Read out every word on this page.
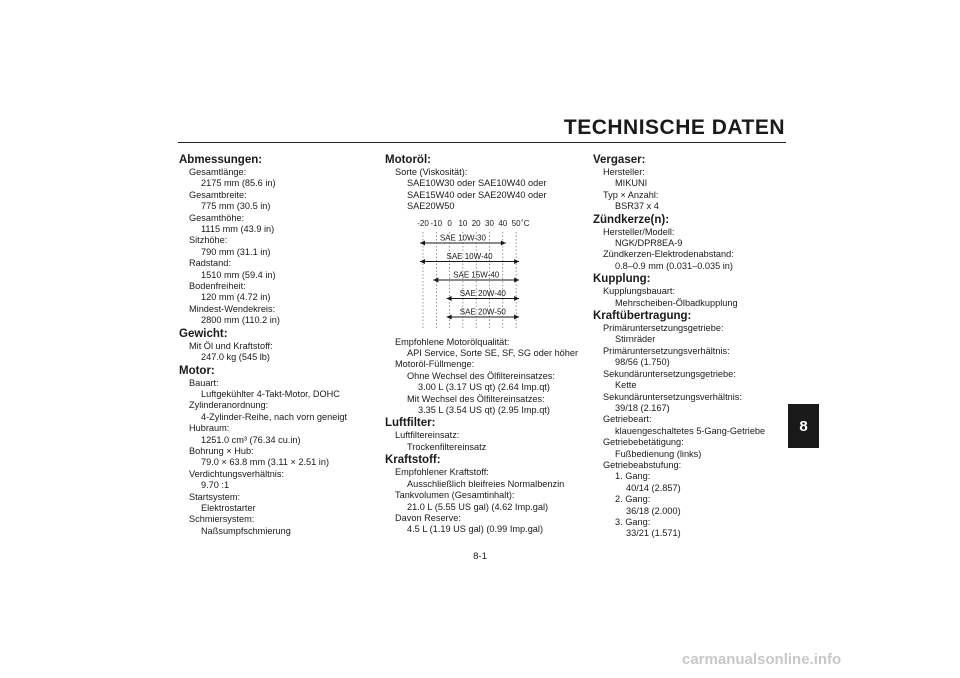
TECHNISCHE DATEN
Abmessungen:
Gesamtlänge:
2175 mm (85.6 in)
Gesamtbreite:
775 mm (30.5 in)
Gesamthöhe:
1115 mm (43.9 in)
Sitzhöhe:
790 mm (31.1 in)
Radstand:
1510 mm (59.4 in)
Bodenfreiheit:
120 mm (4.72 in)
Mindest-Wendekreis:
2800 mm (110.2 in)
Gewicht:
Mit Öl und Kraftstoff:
247.0 kg (545 lb)
Motor:
Bauart:
Luftgekühlter 4-Takt-Motor, DOHC
Zylinderanordnung:
4-Zylinder-Reihe, nach vorn geneigt
Hubraum:
1251.0 cm³ (76.34 cu.in)
Bohrung × Hub:
79.0 × 63.8 mm (3.11 × 2.51 in)
Verdichtungsverhältnis:
9.70 :1
Startsystem:
Elektrostarter
Schmiersystem:
Naßsumpfschmierung
Motoröl:
Sorte (Viskosität):
SAE10W30 oder SAE10W40 oder
SAE15W40 oder SAE20W40 oder
SAE20W50
-20 -10 0 10 20 30 40 50 ˚C
SAE 10W-30
SAE 10W-40
SAE 15W-40
SAE 20W-40
SAE 20W-50
Empfohlene Motorölqualität:
API Service, Sorte SE, SF, SG oder höher
Motoröl-Füllmenge:
Ohne Wechsel des Ölfiltereinsatzes:
3.00 L (3.17 US qt) (2.64 Imp.qt)
Mit Wechsel des Ölfiltereinsatzes:
3.35 L (3.54 US qt) (2.95 Imp.qt)
Luftfilter:
Luftfiltereinsatz:
Trockenfiltereinsatz
Kraftstoff:
Empfohlener Kraftstoff:
Ausschließlich bleifreies Normalbenzin
Tankvolumen (Gesamtinhalt):
21.0 L (5.55 US gal) (4.62 Imp.gal)
Davon Reserve:
4.5 L (1.19 US gal) (0.99 Imp.gal)
Vergaser:
Hersteller:
MIKUNI
Typ × Anzahl:
BSR37 x 4
Zündkerze(n):
Hersteller/Modell:
NGK/DPR8EA-9
Zündkerzen-Elektrodenabstand:
0.8–0.9 mm (0.031–0.035 in)
Kupplung:
Kupplungsbauart:
Mehrscheiben-Ölbadkupplung
Kraftübertragung:
Primäruntersetzungsgetriebe:
Stirnräder
Primäruntersetzungsverhältnis:
98/56 (1.750)
Sekundäruntersetzungsgetriebe:
Kette
Sekundäruntersetzungsverhältnis:
39/18 (2.167)
Getriebeart:
klauengeschaltetes 5-Gang-Getriebe
Getriebebetätigung:
Fußbedienung (links)
Getriebeabstufung:
1. Gang:
40/14 (2.857)
2. Gang:
36/18 (2.000)
3. Gang:
33/21 (1.571)
8
8-1
carmanualsonline.info
